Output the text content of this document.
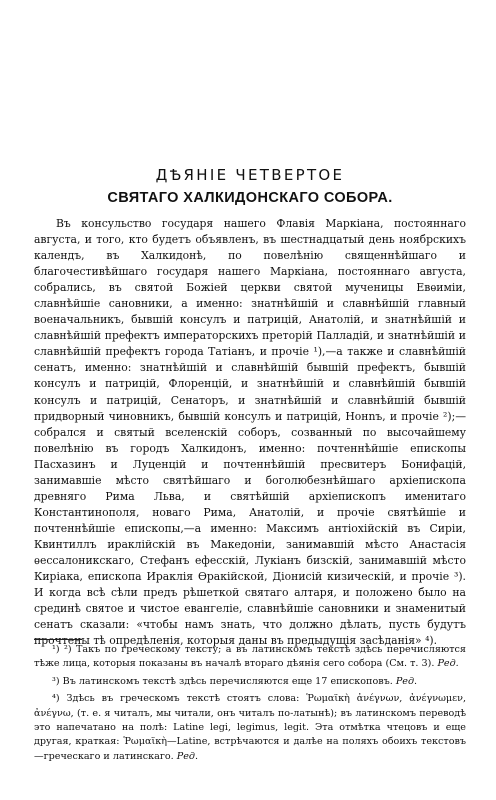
ДѢЯНІЕ ЧЕТВЕРТОЕ
СВЯТАГО ХАЛКИДОНСКАГО СОБОРА.

Въ консульство государя нашего Флавія Маркіана, постояннаго августа, и того, кто будетъ объявленъ, въ шестнадцатый день ноябрскихъ календъ, въ Халкидонѣ, по повелѣнію священнѣйшаго и благочестивѣйшаго государя нашего Маркіана, постояннаго августа, собрались, въ святой Божіей церкви святой мученицы Евѳиміи, славнѣйшіе сановники, а именно: знатнѣйшій и славнѣйшій главный военачальникъ, бывшій консулъ и патрицій, Анатолій, и знатнѣйшій и славнѣйшій префектъ императорскихъ преторій Палладій, и знатнѣйшій и славнѣйшій префектъ города Татіанъ, и прочіе ¹),—а также и славнѣйшій сенатъ, именно: знатнѣйшій и славнѣйшій бывшій префектъ, бывшій консулъ и патрицій, Флоренцій, и знатнѣйшій и славнѣйшій бывшій консулъ и патрицій, Сенаторъ, и знатнѣйшій и славнѣйшій бывшій придворный чиновникъ, бывшій консулъ и патрицій, Нонnъ, и прочіе ²);—собрался и святый вселенскій соборъ, созванный по высочайшему повелѣнію въ городъ Халкидонъ, именно: почтеннѣйшіе епископы Пасхазинъ и Луценцій и почтеннѣйшій пресвитеръ Бонифацій, занимавшіе мѣсто святѣйшаго и боголюбезнѣйшаго архіепископа древняго Рима Льва, и святѣйшій архіепископъ именитаго Константинополя, новаго Рима, Анатолій, и прочіе святѣйшіе и почтеннѣйшіе епископы,—а именно: Максимъ антіохійскій въ Сиріи, Квинтиллъ ираклійскій въ Македоніи, занимавшій мѣсто Анастасія ѳессалоникскаго, Стефанъ ефесскій, Лукіанъ бизскій, занимавшій мѣсто Киріака, епископа Ираклія Ѳракійской, Діонисій кизическій, и прочіе ³). И когда всѣ сѣли предъ рѣшеткой святаго алтаря, и положено было на срединѣ святое и чистое евангеліе, славнѣйшіе сановники и знаменитый сенатъ сказали: «чтобы намъ знать, что должно дѣлать, пусть будутъ прочтены тѣ опредѣленія, которыя даны въ предыдущія засѣданія» ⁴).

¹) ²) Такъ по греческому тексту; а въ латинскомъ текстѣ здѣсь перечисляются тѣже лица, которыя показаны въ началѣ втораго дѣянія сего собора (См. т. 3). Ред.

³) Въ латинскомъ текстѣ здѣсь перечисляются еще 17 епископовъ. Ред.

⁴) Здѣсь въ греческомъ текстѣ стоятъ слова: Ῥωμαϊκὴ ἀνέγνων, ἀνέγνωμεν, ἀνέγνω, (т. е. я читалъ, мы читали, онъ читалъ по-латынѣ); въ латинскомъ переводѣ это напечатано на полѣ: Latine legi, legimus, legit. Эта отмѣтка чтецовъ и еще другая, краткая: Ῥωμαϊκὴ—Latine, встрѣчаются и далѣе на поляхъ обоихъ текстовъ—греческаго и латинскаго. Ред.
